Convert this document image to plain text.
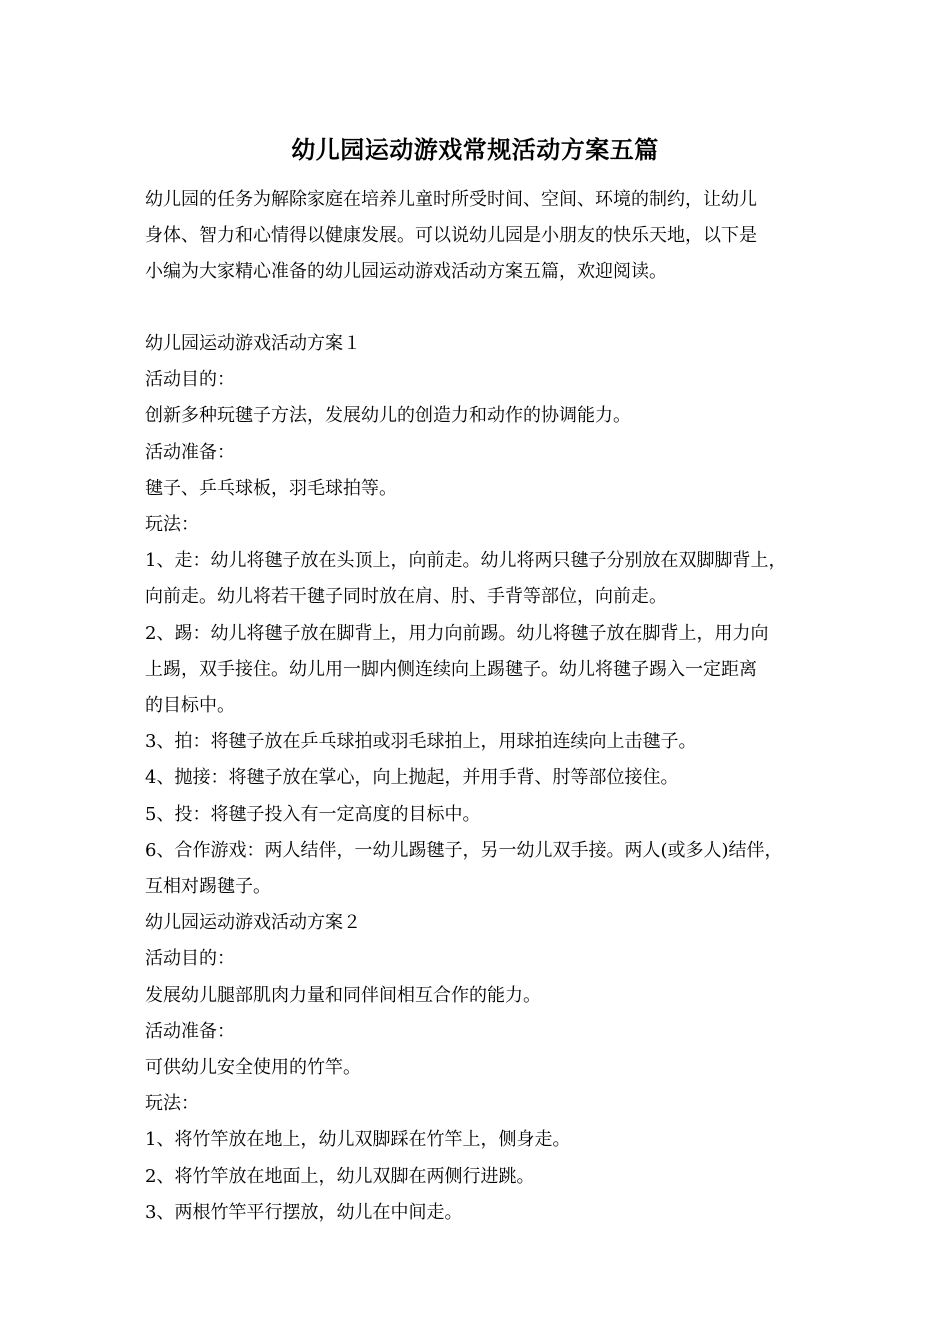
幼儿园运动游戏常规活动方案五篇
幼儿园的任务为解除家庭在培养儿童时所受时间、空间、环境的制约，让幼儿
身体、智力和心情得以健康发展。可以说幼儿园是小朋友的快乐天地，以下是
小编为大家精心准备的幼儿园运动游戏活动方案五篇，欢迎阅读。
幼儿园运动游戏活动方案１
活动目的：
创新多种玩毽子方法，发展幼儿的创造力和动作的协调能力。
活动准备：
毽子、乒乓球板，羽毛球拍等。
玩法：
1、走：幼儿将毽子放在头顶上，向前走。幼儿将两只毽子分别放在双脚脚背上，
向前走。幼儿将若干毽子同时放在肩、肘、手背等部位，向前走。
2、踢：幼儿将毽子放在脚背上，用力向前踢。幼儿将毽子放在脚背上，用力向
上踢，双手接住。幼儿用一脚内侧连续向上踢毽子。幼儿将毽子踢入一定距离
的目标中。
3、拍：将毽子放在乒乓球拍或羽毛球拍上，用球拍连续向上击毽子。
4、抛接：将毽子放在掌心，向上抛起，并用手背、肘等部位接住。
5、投：将毽子投入有一定高度的目标中。
6、合作游戏：两人结伴，一幼儿踢毽子，另一幼儿双手接。两人(或多人)结伴，
互相对踢毽子。
幼儿园运动游戏活动方案２
活动目的：
发展幼儿腿部肌肉力量和同伴间相互合作的能力。
活动准备：
可供幼儿安全使用的竹竿。
玩法：
1、将竹竿放在地上，幼儿双脚踩在竹竿上，侧身走。
2、将竹竿放在地面上，幼儿双脚在两侧行进跳。
3、两根竹竿平行摆放，幼儿在中间走。
